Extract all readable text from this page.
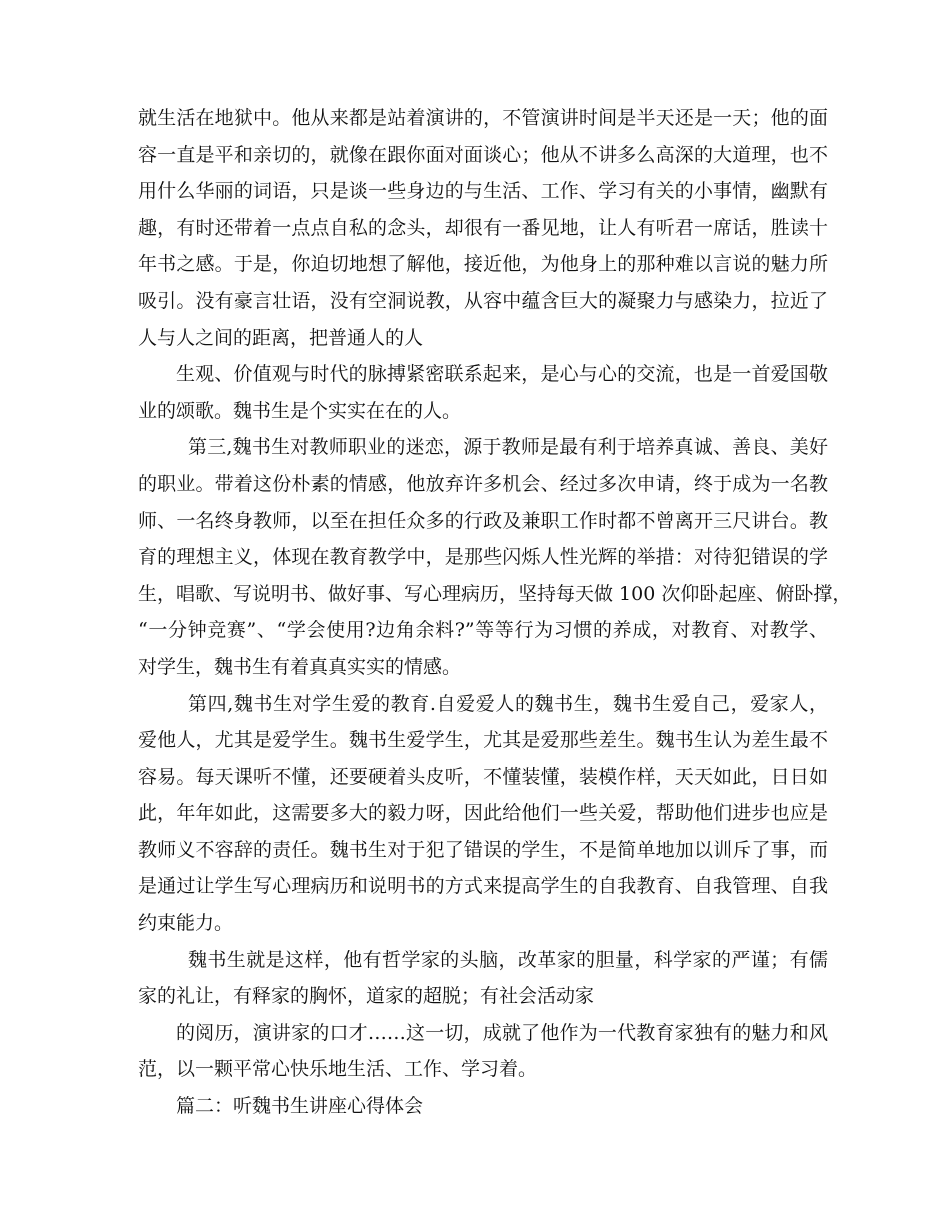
就生活在地狱中。他从来都是站着演讲的，不管演讲时间是半天还是一天；他的面
容一直是平和亲切的，就像在跟你面对面谈心；他从不讲多么高深的大道理，也不
用什么华丽的词语，只是谈一些身边的与生活、工作、学习有关的小事情，幽默有
趣，有时还带着一点点自私的念头，却很有一番见地，让人有听君一席话，胜读十
年书之感。于是，你迫切地想了解他，接近他，为他身上的那种难以言说的魅力所
吸引。没有豪言壮语，没有空洞说教，从容中蕴含巨大的凝聚力与感染力，拉近了
人与人之间的距离，把普通人的人
生观、价值观与时代的脉搏紧密联系起来，是心与心的交流，也是一首爱国敬
业的颂歌。魏书生是个实实在在的人。
第三,魏书生对教师职业的迷恋，源于教师是最有利于培养真诚、善良、美好
的职业。带着这份朴素的情感，他放弃许多机会、经过多次申请，终于成为一名教
师、一名终身教师，以至在担任众多的行政及兼职工作时都不曾离开三尺讲台。教
育的理想主义，体现在教育教学中，是那些闪烁人性光辉的举措：对待犯错误的学
生，唱歌、写说明书、做好事、写心理病历，坚持每天做 100 次仰卧起座、俯卧撑，
“一分钟竞赛”、“学会使用?边角余料?”等等行为习惯的养成，对教育、对教学、
对学生，魏书生有着真真实实的情感。
第四,魏书生对学生爱的教育.自爱爱人的魏书生，魏书生爱自己，爱家人，
爱他人，尤其是爱学生。魏书生爱学生，尤其是爱那些差生。魏书生认为差生最不
容易。每天课听不懂，还要硬着头皮听，不懂装懂，装模作样，天天如此，日日如
此，年年如此，这需要多大的毅力呀，因此给他们一些关爱，帮助他们进步也应是
教师义不容辞的责任。魏书生对于犯了错误的学生，不是简单地加以训斥了事，而
是通过让学生写心理病历和说明书的方式来提高学生的自我教育、自我管理、自我
约束能力。
魏书生就是这样，他有哲学家的头脑，改革家的胆量，科学家的严谨；有儒
家的礼让，有释家的胸怀，道家的超脱；有社会活动家
的阅历，演讲家的口才……这一切，成就了他作为一代教育家独有的魅力和风
范，以一颗平常心快乐地生活、工作、学习着。
篇二：听魏书生讲座心得体会
